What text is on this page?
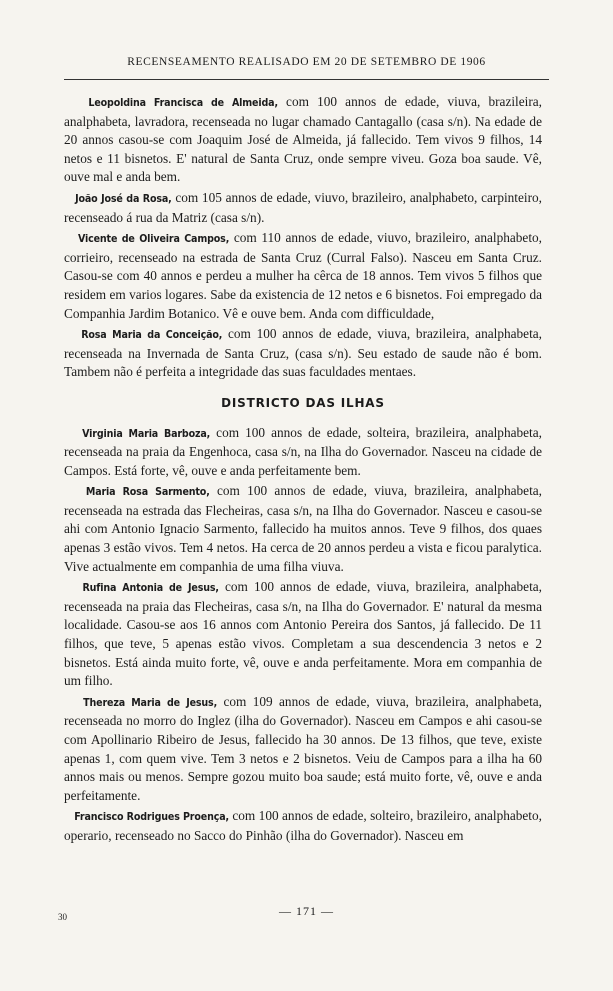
RECENSEAMENTO REALISADO EM 20 DE SETEMBRO DE 1906

Leopoldina Francisca de Almeida, com 100 annos de edade, viuva, brazileira, analphabeta, lavradora, recenseada no lugar chamado Cantagallo (casa s/n). Na edade de 20 annos casou-se com Joaquim José de Almeida, já fallecido. Tem vivos 9 filhos, 14 netos e 11 bisnetos. E' natural de Santa Cruz, onde sempre viveu. Goza boa saude. Vê, ouve mal e anda bem.

João José da Rosa, com 105 annos de edade, viuvo, brazileiro, analphabeto, carpinteiro, recenseado á rua da Matriz (casa s/n).

Vicente de Oliveira Campos, com 110 annos de edade, viuvo, brazileiro, analphabeto, corrieiro, recenseado na estrada de Santa Cruz (Curral Falso). Nasceu em Santa Cruz. Casou-se com 40 annos e perdeu a mulher ha cêrca de 18 annos. Tem vivos 5 filhos que residem em varios logares. Sabe da existencia de 12 netos e 6 bisnetos. Foi empregado da Companhia Jardim Botanico. Vê e ouve bem. Anda com difficuldade,

Rosa Maria da Conceição, com 100 annos de edade, viuva, brazileira, analphabeta, recenseada na Invernada de Santa Cruz, (casa s/n). Seu estado de saude não é bom. Tambem não é perfeita a integridade das suas faculdades mentaes.

DISTRICTO DAS ILHAS

Virginia Maria Barboza, com 100 annos de edade, solteira, brazileira, analphabeta, recenseada na praia da Engenhoca, casa s/n, na Ilha do Governador. Nasceu na cidade de Campos. Está forte, vê, ouve e anda perfeitamente bem.

Maria Rosa Sarmento, com 100 annos de edade, viuva, brazileira, analphabeta, recenseada na estrada das Flecheiras, casa s/n, na Ilha do Governador. Nasceu e casou-se ahi com Antonio Ignacio Sarmento, fallecido ha muitos annos. Teve 9 filhos, dos quaes apenas 3 estão vivos. Tem 4 netos. Ha cerca de 20 annos perdeu a vista e ficou paralytica. Vive actualmente em companhia de uma filha viuva.

Rufina Antonia de Jesus, com 100 annos de edade, viuva, brazileira, analphabeta, recenseada na praia das Flecheiras, casa s/n, na Ilha do Governador. E' natural da mesma localidade. Casou-se aos 16 annos com Antonio Pereira dos Santos, já fallecido. De 11 filhos, que teve, 5 apenas estão vivos. Completam a sua descendencia 3 netos e 2 bisnetos. Está ainda muito forte, vê, ouve e anda perfeitamente. Mora em companhia de um filho.

Thereza Maria de Jesus, com 109 annos de edade, viuva, brazileira, analphabeta, recenseada no morro do Inglez (ilha do Governador). Nasceu em Campos e ahi casou-se com Apollinario Ribeiro de Jesus, fallecido ha 30 annos. De 13 filhos, que teve, existe apenas 1, com quem vive. Tem 3 netos e 2 bisnetos. Veiu de Campos para a ilha ha 60 annos mais ou menos. Sempre gozou muito boa saude; está muito forte, vê, ouve e anda perfeitamente.

Francisco Rodrigues Proença, com 100 annos de edade, solteiro, brazileiro, analphabeto, operario, recenseado no Sacco do Pinhão (ilha do Governador). Nasceu em

— 171 —
30
